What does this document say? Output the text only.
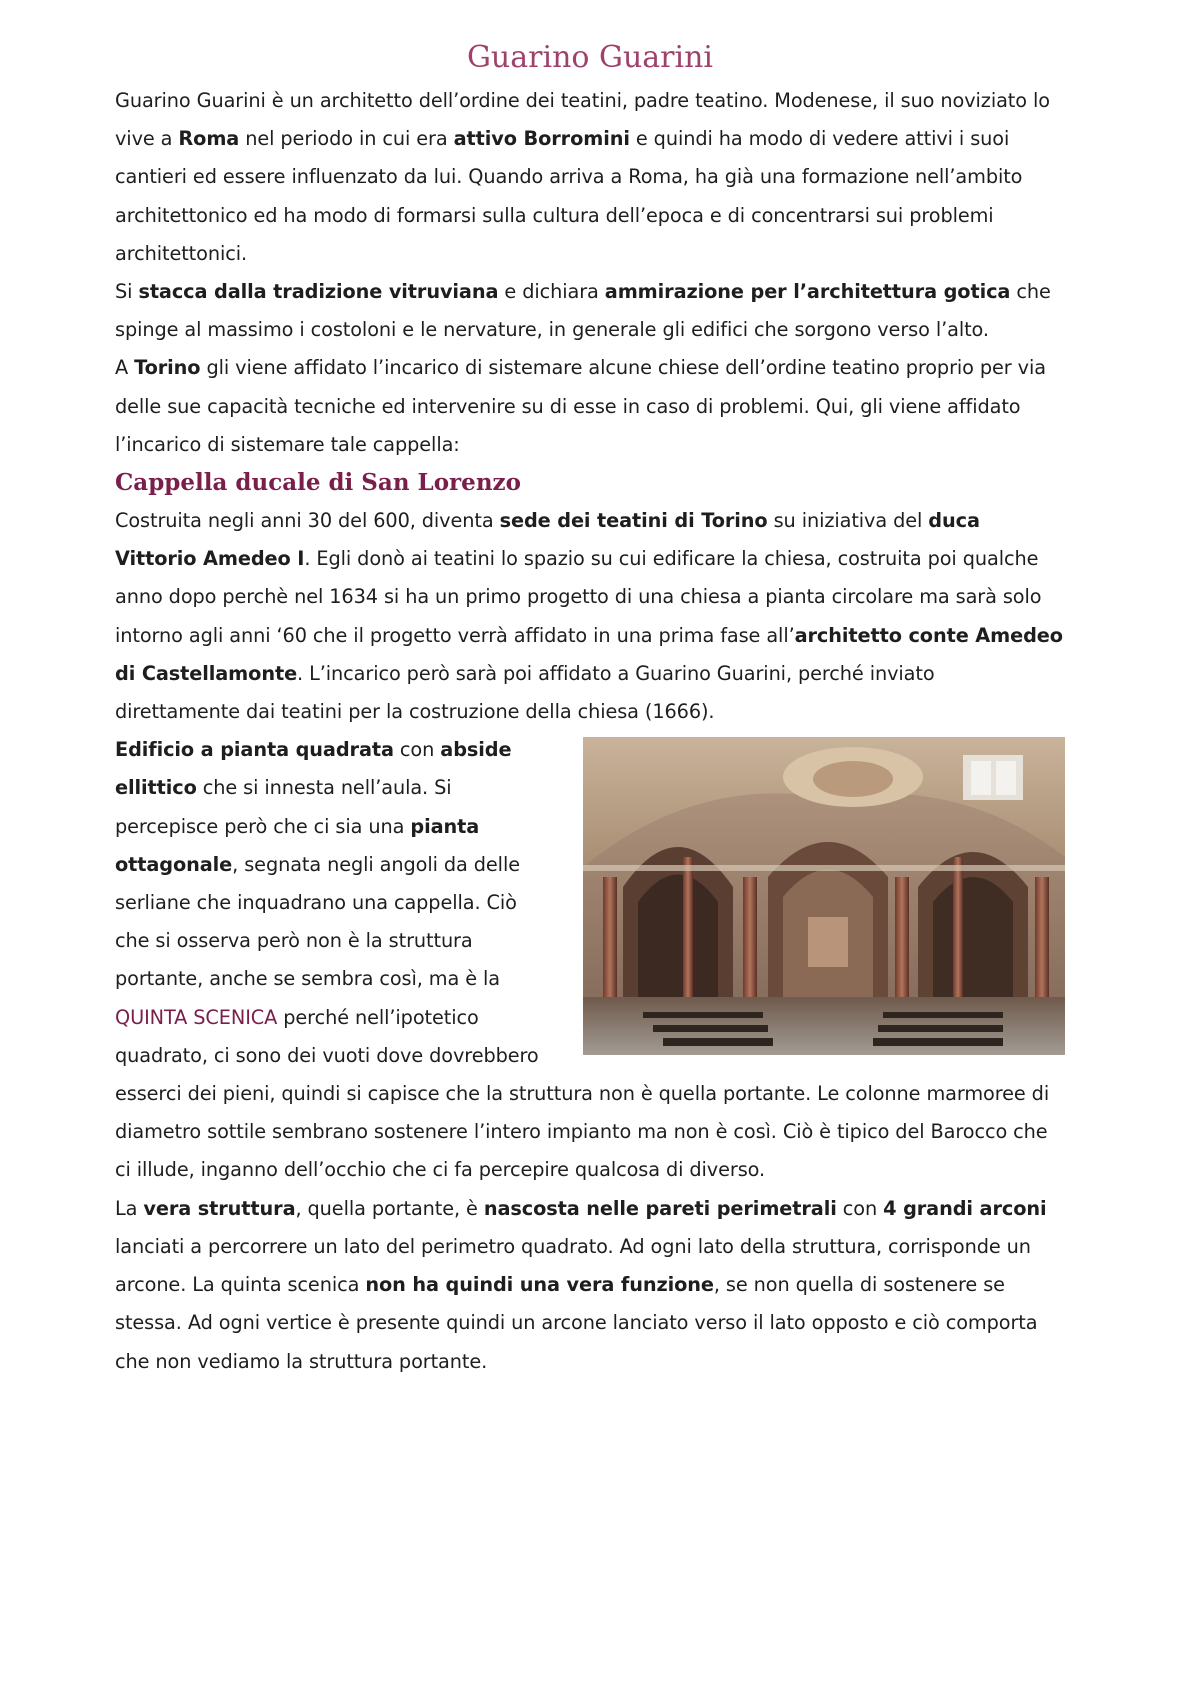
Guarino Guarini

Guarino Guarini è un architetto dell’ordine dei teatini, padre teatino. Modenese, il suo noviziato lo vive a Roma nel periodo in cui era attivo Borromini e quindi ha modo di vedere attivi i suoi cantieri ed essere influenzato da lui. Quando arriva a Roma, ha già una formazione nell’ambito architettonico ed ha modo di formarsi sulla cultura dell’epoca e di concentrarsi sui problemi architettonici.

Si stacca dalla tradizione vitruviana e dichiara ammirazione per l’architettura gotica che spinge al massimo i costoloni e le nervature, in generale gli edifici che sorgono verso l’alto.

A Torino gli viene affidato l’incarico di sistemare alcune chiese dell’ordine teatino proprio per via delle sue capacità tecniche ed intervenire su di esse in caso di problemi. Qui, gli viene affidato l’incarico di sistemare tale cappella:

Cappella ducale di San Lorenzo

Costruita negli anni 30 del 600, diventa sede dei teatini di Torino su iniziativa del duca Vittorio Amedeo I. Egli donò ai teatini lo spazio su cui edificare la chiesa, costruita poi qualche anno dopo perchè nel 1634 si ha un primo progetto di una chiesa a pianta circolare ma sarà solo intorno agli anni ‘60 che il progetto verrà affidato in una prima fase all’architetto conte Amedeo di Castellamonte. L’incarico però sarà poi affidato a Guarino Guarini, perché inviato direttamente dai teatini per la costruzione della chiesa (1666).

Edificio a pianta quadrata con abside ellittico che si innesta nell’aula. Si percepisce però che ci sia una pianta ottagonale, segnata negli angoli da delle serliane che inquadrano una cappella. Ciò che si osserva però non è la struttura portante, anche se sembra così, ma è la QUINTA SCENICA perché nell’ipotetico quadrato, ci sono dei vuoti dove dovrebbero esserci dei pieni, quindi si capisce che la struttura non è quella portante. Le colonne marmoree di diametro sottile sembrano sostenere l’intero impianto ma non è così. Ciò è tipico del Barocco che ci illude, inganno dell’occhio che ci fa percepire qualcosa di diverso.

La vera struttura, quella portante, è nascosta nelle pareti perimetrali con 4 grandi arconi lanciati a percorrere un lato del perimetro quadrato. Ad ogni lato della struttura, corrisponde un arcone. La quinta scenica non ha quindi una vera funzione, se non quella di sostenere se stessa. Ad ogni vertice è presente quindi un arcone lanciato verso il lato opposto e ciò comporta che non vediamo la struttura portante.
